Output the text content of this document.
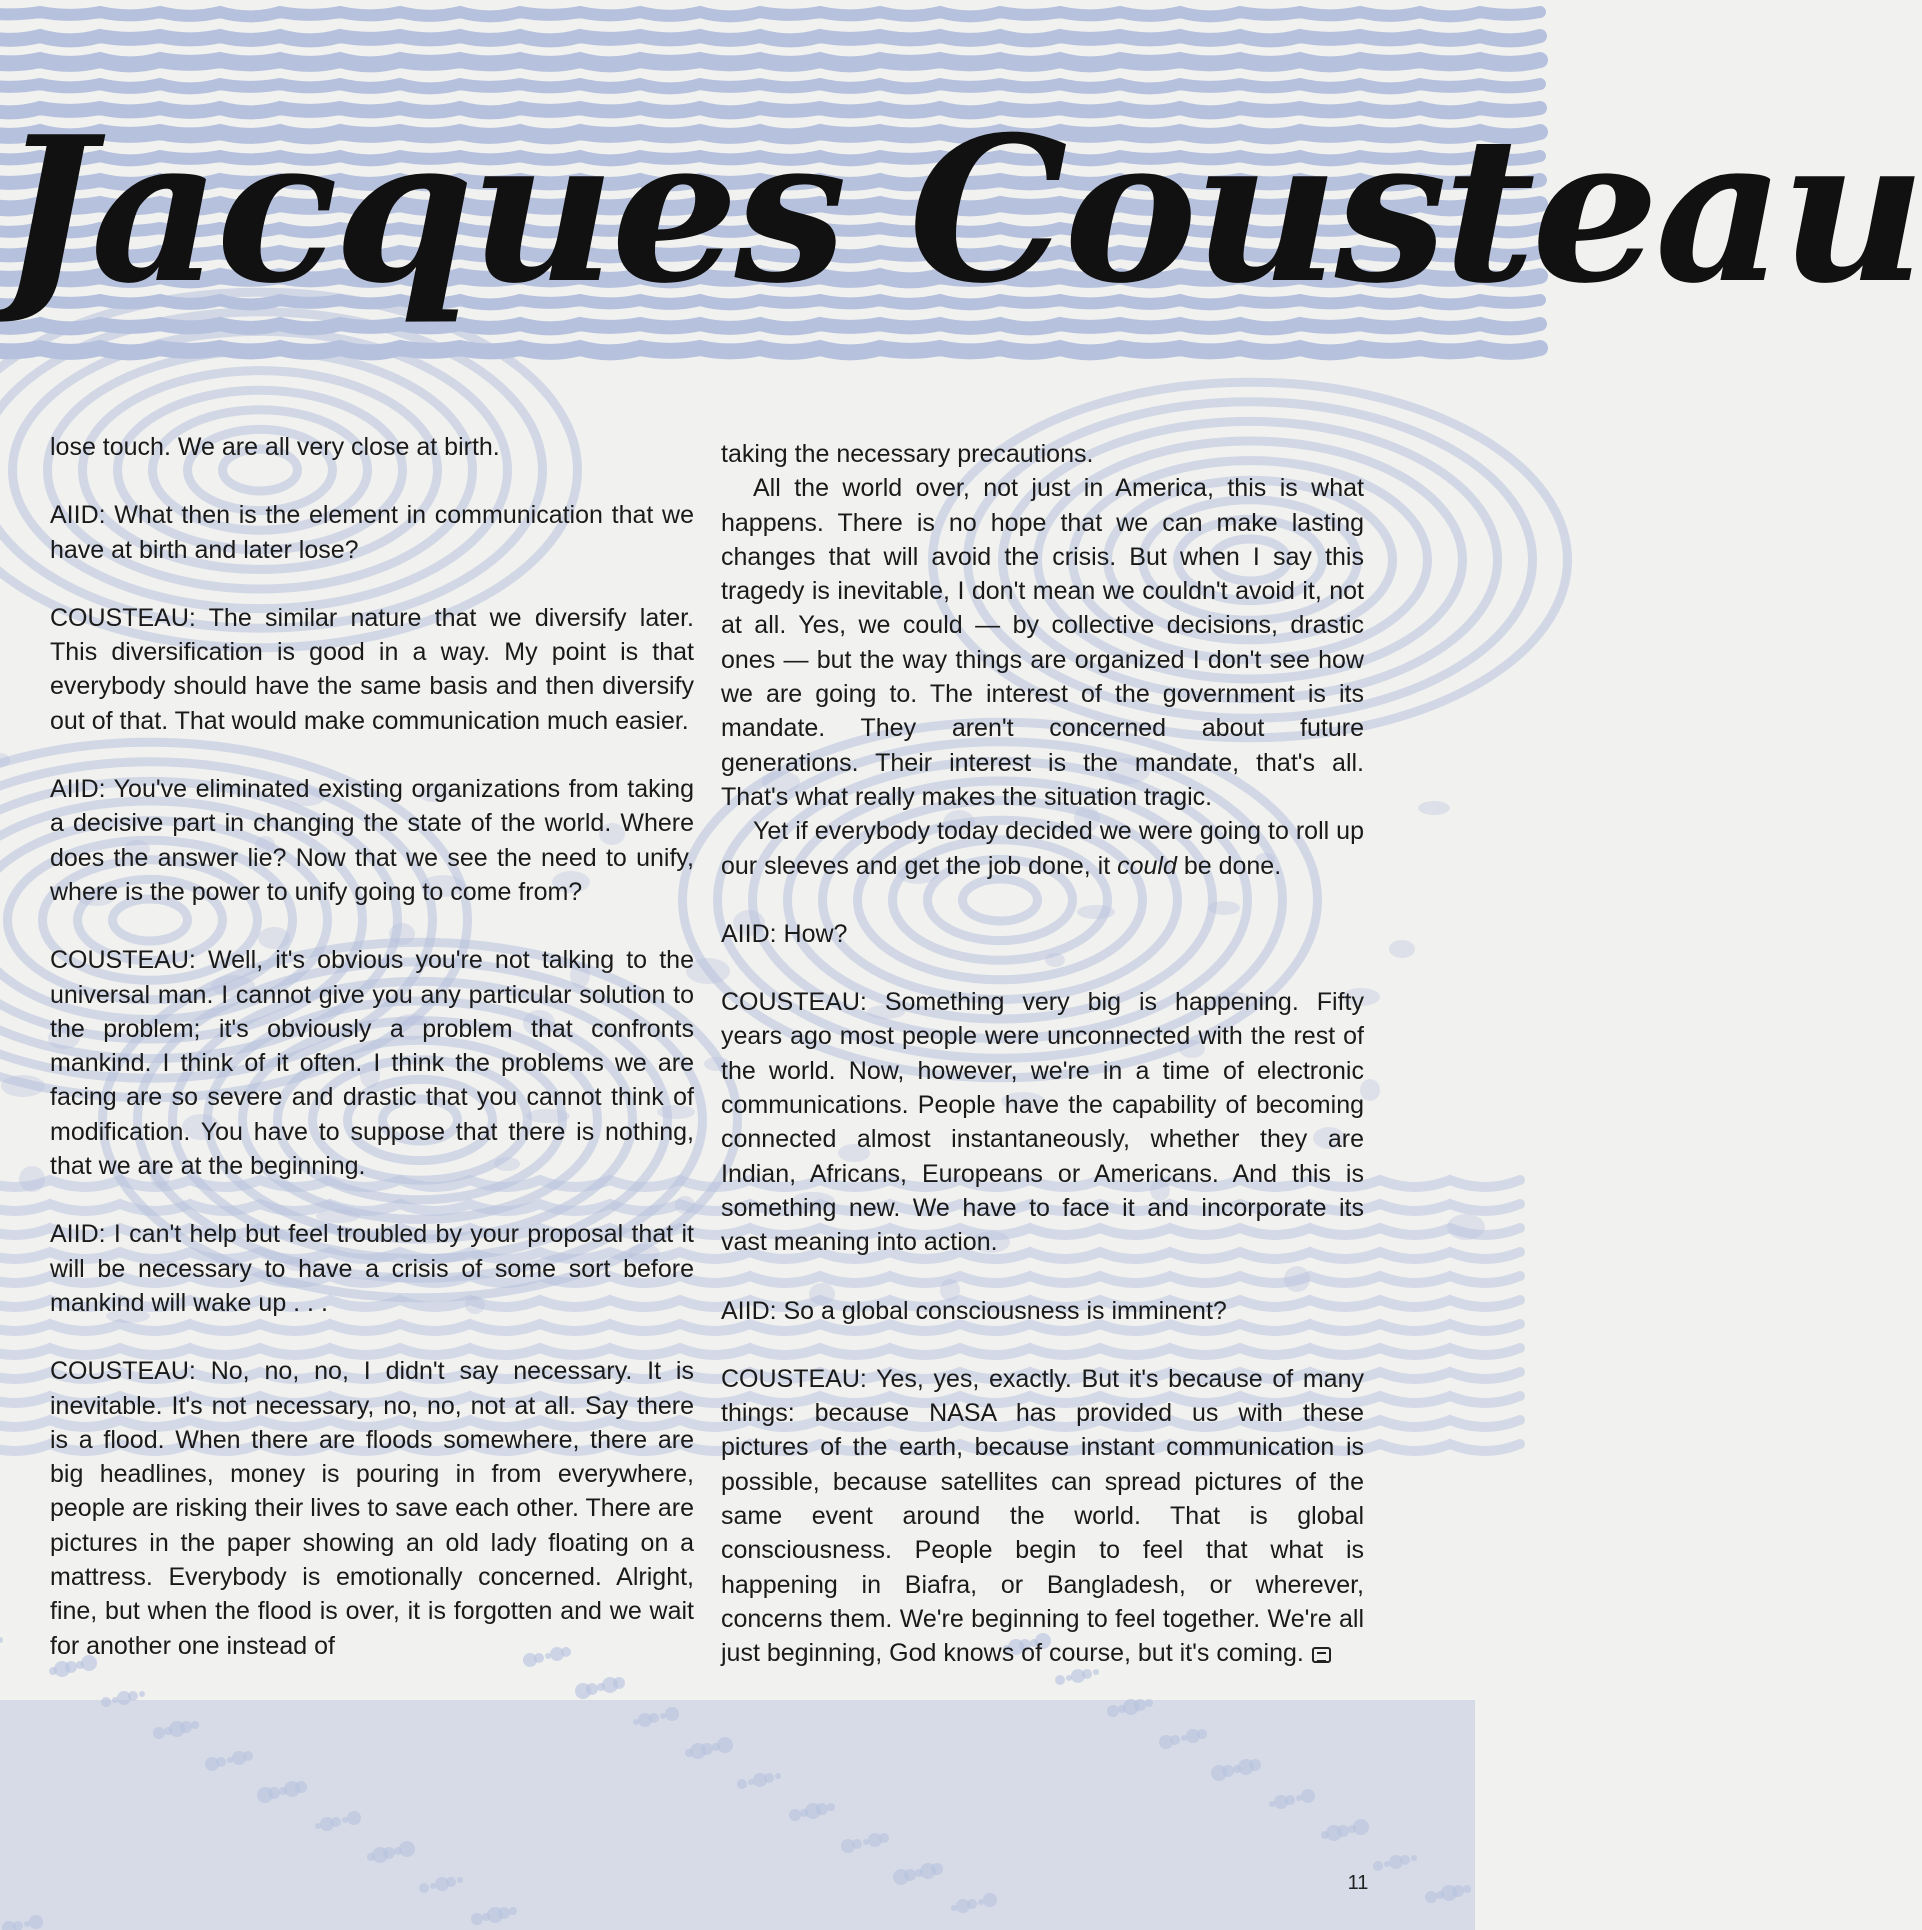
Jacques Cousteau

lose touch. We are all very close at birth.

AIID: What then is the element in communication that we have at birth and later lose?

COUSTEAU: The similar nature that we diversify later. This diversification is good in a way. My point is that everybody should have the same basis and then diversify out of that. That would make communication much easier.

AIID: You've eliminated existing organizations from taking a decisive part in changing the state of the world. Where does the answer lie? Now that we see the need to unify, where is the power to unify going to come from?

COUSTEAU: Well, it's obvious you're not talking to the universal man. I cannot give you any particular solution to the problem; it's obviously a problem that confronts mankind. I think of it often. I think the problems we are facing are so severe and drastic that you cannot think of modification. You have to suppose that there is nothing, that we are at the beginning.

AIID: I can't help but feel troubled by your proposal that it will be necessary to have a crisis of some sort before mankind will wake up . . .

COUSTEAU: No, no, no, I didn't say necessary. It is inevitable. It's not necessary, no, no, not at all. Say there is a flood. When there are floods somewhere, there are big headlines, money is pouring in from everywhere, people are risking their lives to save each other. There are pictures in the paper showing an old lady floating on a mattress. Everybody is emotionally concerned. Alright, fine, but when the flood is over, it is forgotten and we wait for another one instead of

taking the necessary precautions.

All the world over, not just in America, this is what happens. There is no hope that we can make lasting changes that will avoid the crisis. But when I say this tragedy is inevitable, I don't mean we couldn't avoid it, not at all. Yes, we could — by collective decisions, drastic ones — but the way things are organized I don't see how we are going to. The interest of the government is its mandate. They aren't concerned about future generations. Their interest is the mandate, that's all. That's what really makes the situation tragic.

Yet if everybody today decided we were going to roll up our sleeves and get the job done, it could be done.

AIID: How?

COUSTEAU: Something very big is happening. Fifty years ago most people were unconnected with the rest of the world. Now, however, we're in a time of electronic communications. People have the capability of becoming connected almost instantaneously, whether they are Indian, Africans, Europeans or Americans. And this is something new. We have to face it and incorporate its vast meaning into action.

AIID: So a global consciousness is imminent?

COUSTEAU: Yes, yes, exactly. But it's because of many things: because NASA has provided us with these pictures of the earth, because instant communication is possible, because satellites can spread pictures of the same event around the world. That is global consciousness. People begin to feel that what is happening in Biafra, or Bangladesh, or wherever, concerns them. We're beginning to feel together. We're all just beginning, God knows of course, but it's coming.

11
